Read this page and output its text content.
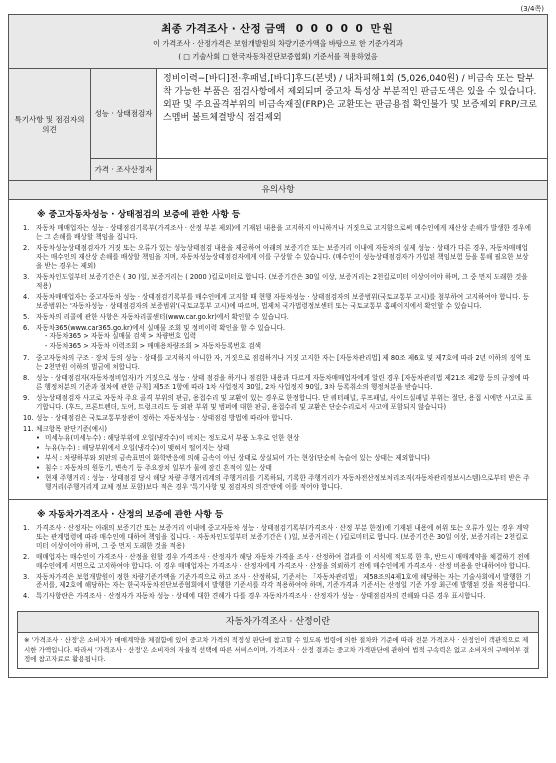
(3/4쪽)
최종 가격조사 · 산정 금액 0 0 0 0 0 만원
이 가격조사 · 산정가격은 보험개발원의 차량기준가액을 바탕으로 한 기준가격과
( □ 기술사회 □ 한국자동차진단보증협회) 기준서를 적용하였음
특기사항 및 점검자의 의견
성능 · 상태점검자
정비이력−[바디]전·후패널,[바디]후드(본넷) / 내차피해1회 (5,026,040원) / 비금속 또는 탈부착 가능한 부품은 점검사항에서 제외되며 중고차 특성상 부분적인 판금도색은 있을 수 있습니다. 외판 및 주요골격부위의 비금속재질(FRP)은 교환또는 판금용접 확인불가 및 보증제외 FRP/크로스멤버 볼트체결방식 점검제외
가격 · 조사산정자
유의사항
※ 중고자동차성능 · 상태점검의 보증에 관한 사항 등
1.	자동차 매매업자는 성능 · 상태점검기록부(가격조사 · 산정 부분 제외)에 기재된 내용을 고지하지 아니하거나 거짓으로 고지함으로써 매수인에게 재산상 손해가 발생한 경우에는 그 손해를 배상할 책임을 집니다.
2.	자동차성능상태점검자가 거짓 또는 오류가 있는 성능상태점검 내용을 제공하여 아래의 보증기간 또는 보증거리 이내에 자동차의 실제 성능 · 상태가 다른 경우, 자동차매매업자는 매수인의 재산상 손해를 배상할 책임을 지며, 자동차성능상태점검자에게 이를 구상할 수 있습니다. (매수인이 성능상태점검자가 가입된 책임보험 등을 통해 필요한 보상을 받는 경우는 제외)
3.	자동차인도일부터 보증기간은 ( 30 )일, 보증거리는 ( 2000 )킬로미터로 합니다. (보증기간은 30일 이상, 보증거리는 2천킬로미터 이상이어야 하며, 그 중 먼저 도래한 것을 적용)
4.	자동차매매업자는 중고자동차 성능 · 상태점검기록부를 매수인에게 고지할 때 현행 자동차성능 · 상태점검자의 보증범위(국토교통부 고시)를 첨부하여 고지하여야 합니다. 등 보증범위는 '자동차성능 · 상태점검자의 보증범위'(국토교통부 고시)에 따르며, 법제처 국가법령정보센터 또는 국토교통부 홈페이지에서 확인할 수 있습니다.
5.	자동차의 리콜에 관한 사항은 자동차리콜센터(www.car.go.kr)에서 확인할 수 있습니다.
6.	자동차365(www.car365.go.kr)에서 실매물 조회 및 정비이력 확인을 할 수 있습니다.
- 자동차365 > 자동차 실매물 검색 > 차량번호 입력
- 자동차365 > 자동차 이력조회 > 매매용차량조회 > 자동차등록번호 검색
7.	중고자동차의 구조 · 장치 등의 성능 · 상태를 고지하지 아니한 자, 거짓으로 점검하거나 거짓 고지한 자는 [자동차관리법] 제 80조 제6호 및 제7호에 따라 2년 이하의 징역 또는 2천만원 이하의 벌금에 처합니다.
8.	성능 · 상태점검자(자동차정비업자)가 거짓으로 성능 · 상태 점검을 하거나 점검한 내용과 다르게 자동차매매업자에게 알린 경우 [자동차관리법 제21조 제2항 등의 규정에 따른 행정처분의 기준과 절차에 관한 규칙] 제5조 1항에 따라 1차 사업정지 30일, 2차 사업정지 90일, 3차 등록취소의 행정처분을 받습니다.
9.	성능상태점검자 사고로 자동차 주요 골격 부위의 판금, 용접수리 및 교환이 있는 경우로 한정합니다. 단 쿼터패널, 루프패널, 사이드실패널 부위는 절단, 용접 시에만 사고로 표기합니다. (후드, 프론트펜더, 도어, 트렁크리드 등 외판 부위 및 범퍼에 대한 판금, 용접수리 및 교환은 단순수리로서 사고에 포함되지 않습니다)
10. 성능 · 상태점검은 국토교통부장관이 정하는 자동차성능 · 상태점검 방법에 따라야 합니다.
11. 체크항목 판단기준(예시)
• 미세누유(미세누수) : 해당부위에 오일(냉각수)이 비치는 정도로서 부품 노후로 인한 현상
• 누유(누수) : 해당부위에서 오일(냉각수)이 맺혀서 떨어지는 상태
• 부식 : 차량하부와 외판의 금속표면이 화학반응에 의해 금속이 아닌 상태로 상실되어 가는 현상(단순히 녹슬어 있는 상태는 제외합니다)
• 침수 : 자동차의 원동기, 변속기 등 주요장치 일부가 물에 잠긴 흔적이 있는 상태
• 현재 주행거리 : 성능 · 상태점검 당시 해당 차량 주행거리계의 주행거리를 기록하되, 기록한 주행거리가 자동차전산정보처리조직(자동차관리정보시스템)으로부터 받은 주행거리(주행거리계 교체 정보 포함)보다 적은 경우 '특기사항 및 점검자의 의견'란에 이를 적어야 합니다.
※ 자동차가격조사 · 산정의 보증에 관한 사항 등
1.	가격조사 · 산정자는 아래의 보증기간 또는 보증거리 이내에 중고자동차 성능 · 상태점검기록부(가격조사 · 산정 부분 한정)에 기재된 내용에 허위 또는 오류가 있는 경우 계약 또는 관계법령에 따라 매수인에 대하여 책임을 집니다. · 자동차인도일부터 보증기간은 ( )일, 보증거리는 ( )킬로미터로 합니다. (보증기간은 30일 이상, 보증거리는 2천킬로미터 이상이어야 하며, 그 중 먼저 도래한 것을 적용)
2.	매매업자는 매수인이 가격조사 · 산정을 원할 경우 가격조사 · 산정자가 해당 자동차 가격을 조사 · 산정하여 결과를 이 서식에 적도록 한 후, 반드시 매매계약을 체결하기 전에 매수인에게 서면으로 고지하여야 합니다. 이 경우 매매업자는 가격조사 · 산정자에게 가격조사 · 산정을 의뢰하기 전에 매수인에게 가격조사 · 산정 비용을 안내하여야 합니다.
3.	자동차가격은 보험개발원이 정한 차량기준가액을 기준가격으로 하고 조사 · 산정하되, 기준서는 「자동차관리법」 제58조의4제1호에 해당하는 자는 기술사회에서 발행한 기준서를, 제2호에 해당하는 자는 한국자동차진단보증협회에서 발행한 기준서를 각각 적용하여야 하며, 기준가격과 기준서는 산정일 기준 가장 최근에 발행된 것을 적용합니다.
4.	특기사항란은 가격조사 · 산정자가 자동차 성능 · 상태에 대한 견해가 다를 경우 자동차가격조사 · 산정자가 성능 · 상태점검자의 견해와 다른 경우 표시합니다.
자동차가격조사 · 산정이란
※ '가격조사 · 산정'은 소비자가 매매계약을 체결함에 있어 중고차 가격의 적정성 판단에 참고할 수 있도록 법령에 의한 절차와 기준에 따라 전문 가격조사 · 산정인이 객관적으로 제시한 가액입니다. 따라서 '가격조사 · 산정'은 소비자의 자율적 선택에 따른 서비스이며, 가격조사 · 산정 결과는 중고차 가격판단에 관하여 법적 구속력은 없고 소비자의 구매여부 결정에 참고자료로 활용됩니다.
